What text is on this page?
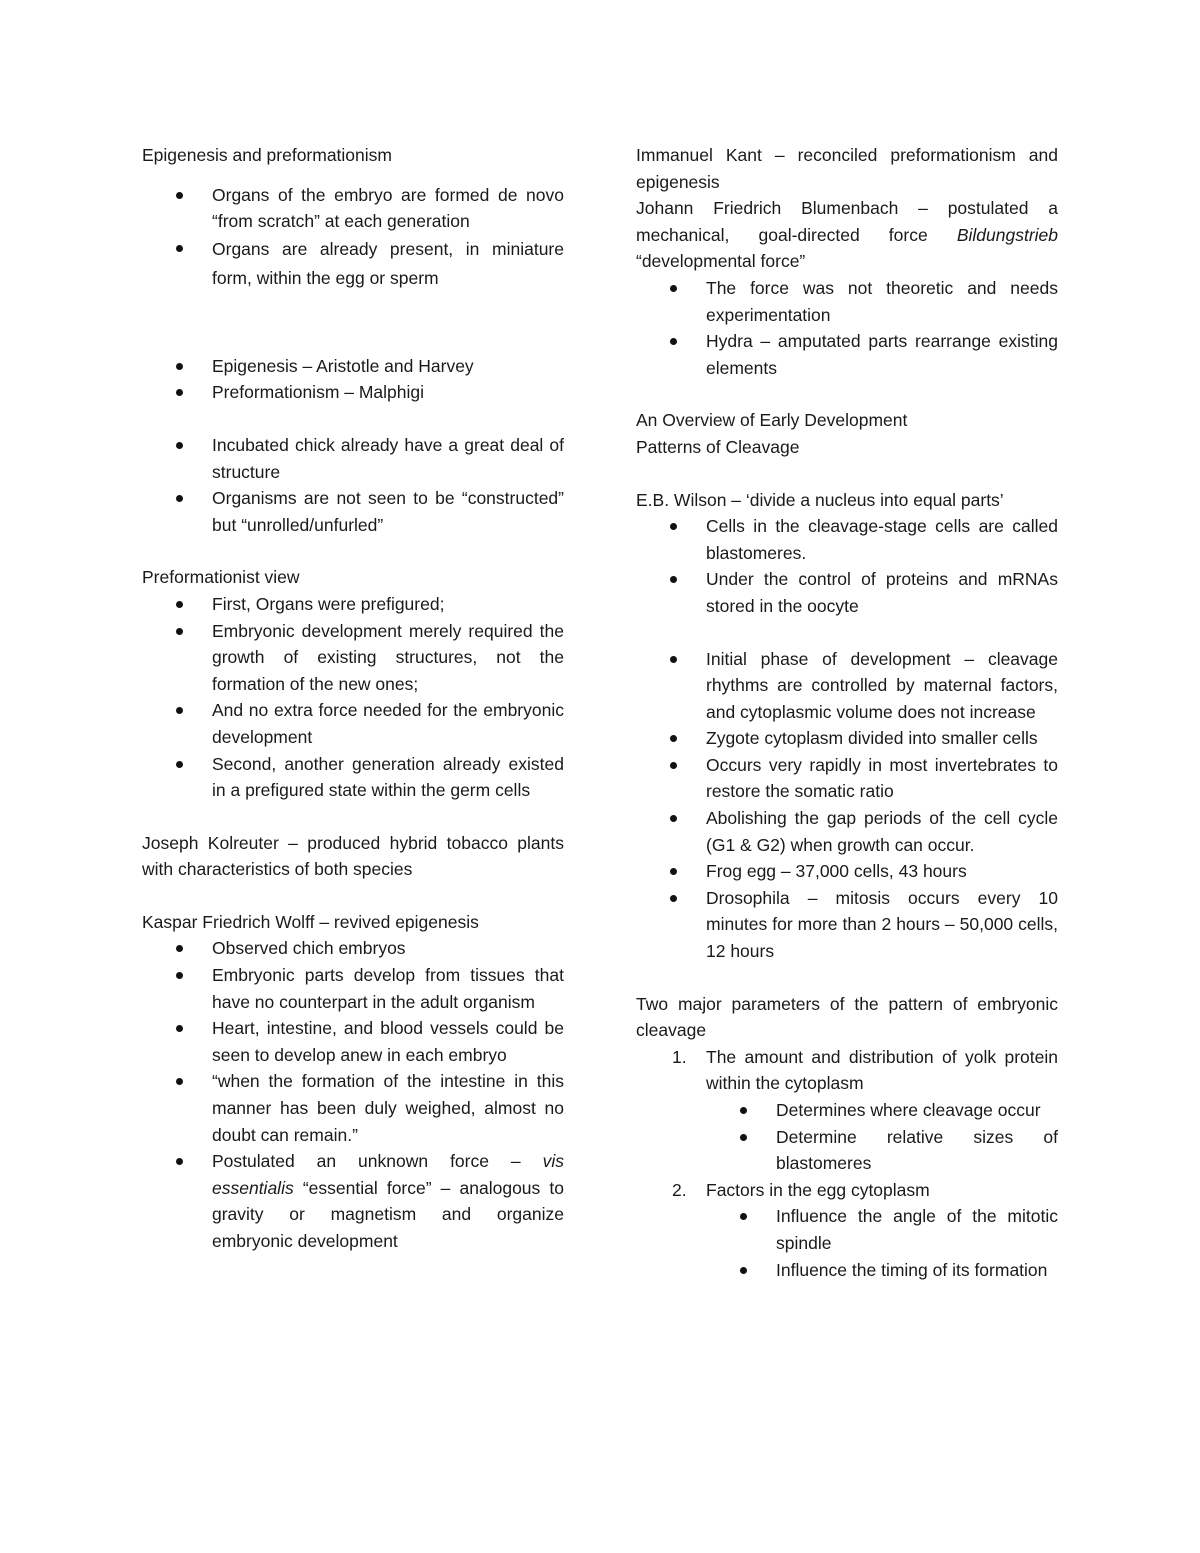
Epigenesis and preformationism

Organs of the embryo are formed de novo “from scratch” at each generation
Organs are already present, in miniature form, within the egg or sperm
Epigenesis – Aristotle and Harvey
Preformationism – Malphigi
Incubated chick already have a great deal of structure
Organisms are not seen to be “constructed” but “unrolled/unfurled”

Preformationist view

First, Organs were prefigured;
Embryonic development merely required the growth of existing structures, not the formation of the new ones;
And no extra force needed for the embryonic development
Second, another generation already existed in a prefigured state within the germ cells

Joseph Kolreuter – produced hybrid tobacco plants with characteristics of both species

Kaspar Friedrich Wolff – revived epigenesis

Observed chich embryos
Embryonic parts develop from tissues that have no counterpart in the adult organism
Heart, intestine, and blood vessels could be seen to develop anew in each embryo
“when the formation of the intestine in this manner has been duly weighed, almost no doubt can remain.”
Postulated an unknown force – vis essentialis “essential force” – analogous to gravity or magnetism and organize embryonic development

Immanuel Kant – reconciled preformationism and epigenesis

Johann Friedrich Blumenbach – postulated a mechanical, goal-directed force Bildungstrieb “developmental force”

The force was not theoretic and needs experimentation
Hydra – amputated parts rearrange existing elements

An Overview of Early Development

Patterns of Cleavage

E.B. Wilson – ‘divide a nucleus into equal parts’

Cells in the cleavage-stage cells are called blastomeres.
Under the control of proteins and mRNAs stored in the oocyte
Initial phase of development – cleavage rhythms are controlled by maternal factors, and cytoplasmic volume does not increase
Zygote cytoplasm divided into smaller cells
Occurs very rapidly in most invertebrates to restore the somatic ratio
Abolishing the gap periods of the cell cycle (G1 & G2) when growth can occur.
Frog egg – 37,000 cells, 43 hours
Drosophila – mitosis occurs every 10 minutes for more than 2 hours – 50,000 cells, 12 hours

Two major parameters of the pattern of embryonic cleavage

1. The amount and distribution of yolk protein within the cytoplasm
Determines where cleavage occur
Determine relative sizes of blastomeres
2. Factors in the egg cytoplasm
Influence the angle of the mitotic spindle
Influence the timing of its formation
